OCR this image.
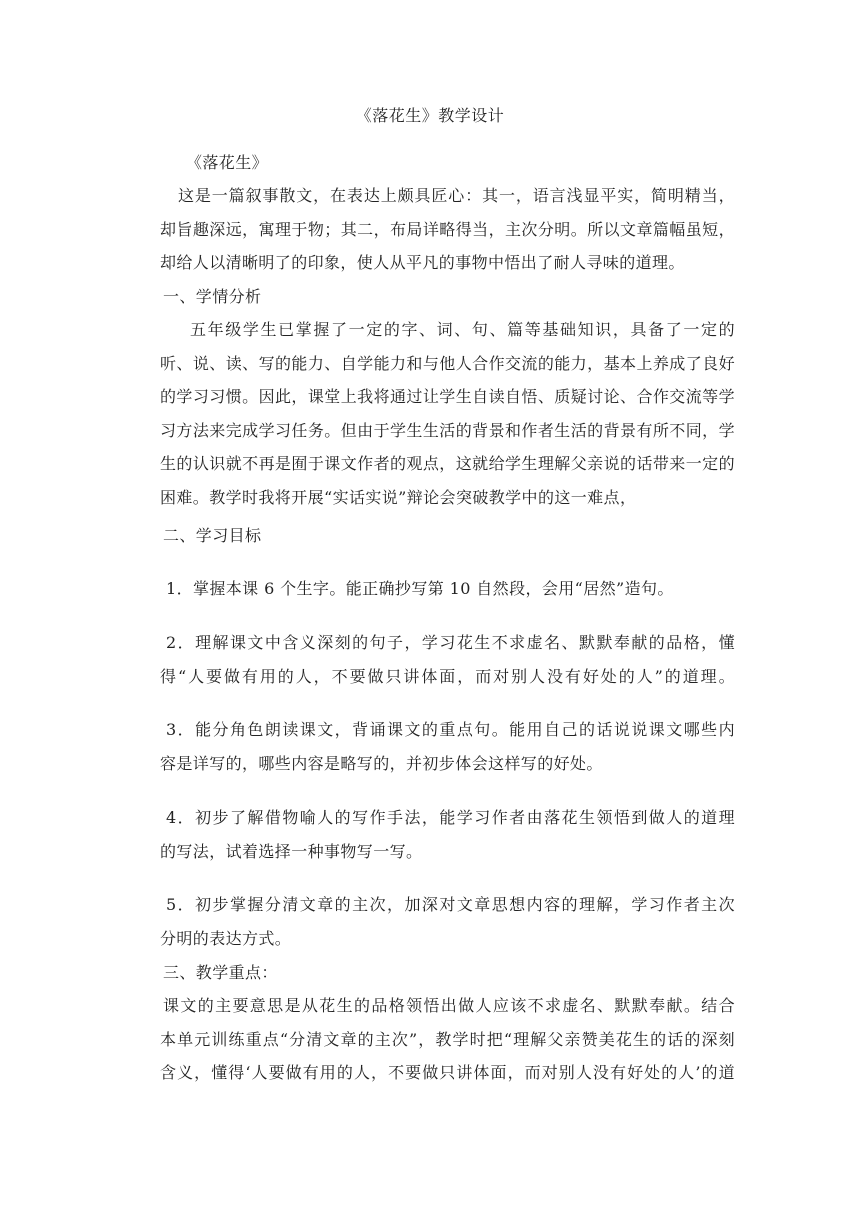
《落花生》教学设计
《落花生》
这是一篇叙事散文，在表达上颇具匠心：其一，语言浅显平实，简明精当，
却旨趣深远，寓理于物；其二，布局详略得当，主次分明。所以文章篇幅虽短，
却给人以清晰明了的印象，使人从平凡的事物中悟出了耐人寻味的道理。
一、学情分析
五年级学生已掌握了一定的字、词、句、篇等基础知识，具备了一定的
听、说、读、写的能力、自学能力和与他人合作交流的能力，基本上养成了良好
的学习习惯。因此，课堂上我将通过让学生自读自悟、质疑讨论、合作交流等学
习方法来完成学习任务。但由于学生生活的背景和作者生活的背景有所不同，学
生的认识就不再是囿于课文作者的观点，这就给学生理解父亲说的话带来一定的
困难。教学时我将开展“实话实说”辩论会突破教学中的这一难点，
二、学习目标
1．掌握本课 6 个生字。能正确抄写第 10 自然段，会用“居然”造句。
2．理解课文中含义深刻的句子，学习花生不求虚名、默默奉献的品格，懂
得“人要做有用的人，不要做只讲体面，而对别人没有好处的人”的道理。
3．能分角色朗读课文，背诵课文的重点句。能用自己的话说说课文哪些内
容是详写的，哪些内容是略写的，并初步体会这样写的好处。
4．初步了解借物喻人的写作手法，能学习作者由落花生领悟到做人的道理
的写法，试着选择一种事物写一写。
5．初步掌握分清文章的主次，加深对文章思想内容的理解，学习作者主次
分明的表达方式。
三、教学重点：
课文的主要意思是从花生的品格领悟出做人应该不求虚名、默默奉献。结合
本单元训练重点“分清文章的主次”，教学时把“理解父亲赞美花生的话的深刻
含义，懂得‘人要做有用的人，不要做只讲体面，而对别人没有好处的人’的道
